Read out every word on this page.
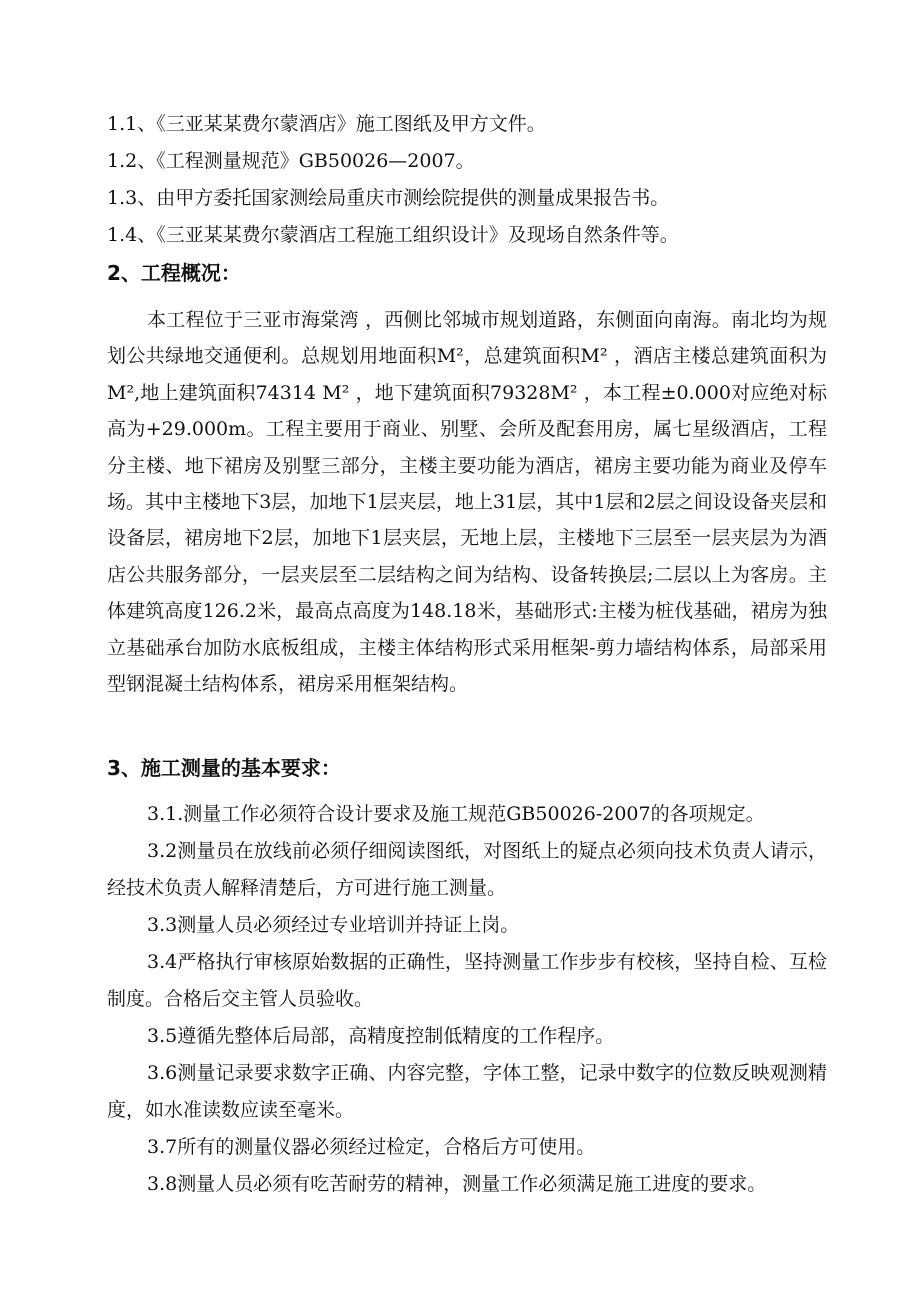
1.1、《三亚某某费尔蒙酒店》施工图纸及甲方文件。
1.2、《工程测量规范》GB50026—2007。
1.3、由甲方委托国家测绘局重庆市测绘院提供的测量成果报告书。
1.4、《三亚某某费尔蒙酒店工程施工组织设计》及现场自然条件等。
2、工程概况：
本工程位于三亚市海棠湾 ，西侧比邻城市规划道路，东侧面向南海。南北均为规划公共绿地交通便利。总规划用地面积M²，总建筑面积M² ，酒店主楼总建筑面积为M²,地上建筑面积74314 M² ，地下建筑面积79328M² ，本工程±0.000对应绝对标高为+29.000m。工程主要用于商业、别墅、会所及配套用房，属七星级酒店，工程分主楼、地下裙房及别墅三部分，主楼主要功能为酒店，裙房主要功能为商业及停车场。其中主楼地下3层，加地下1层夹层，地上31层，其中1层和2层之间设设备夹层和设备层，裙房地下2层，加地下1层夹层，无地上层，主楼地下三层至一层夹层为为酒店公共服务部分，一层夹层至二层结构之间为结构、设备转换层;二层以上为客房。主体建筑高度126.2米，最高点高度为148.18米，基础形式:主楼为桩伐基础，裙房为独立基础承台加防水底板组成，主楼主体结构形式采用框架-剪力墙结构体系，局部采用型钢混凝土结构体系，裙房采用框架结构。
3、施工测量的基本要求：
3.1.测量工作必须符合设计要求及施工规范GB50026-2007的各项规定。
3.2测量员在放线前必须仔细阅读图纸，对图纸上的疑点必须向技术负责人请示，经技术负责人解释清楚后，方可进行施工测量。
3.3测量人员必须经过专业培训并持证上岗。
3.4严格执行审核原始数据的正确性，坚持测量工作步步有校核，坚持自检、互检制度。合格后交主管人员验收。
3.5遵循先整体后局部，高精度控制低精度的工作程序。
3.6测量记录要求数字正确、内容完整，字体工整，记录中数字的位数反映观测精度，如水准读数应读至毫米。
3.7所有的测量仪器必须经过检定，合格后方可使用。
3.8测量人员必须有吃苦耐劳的精神，测量工作必须满足施工进度的要求。
